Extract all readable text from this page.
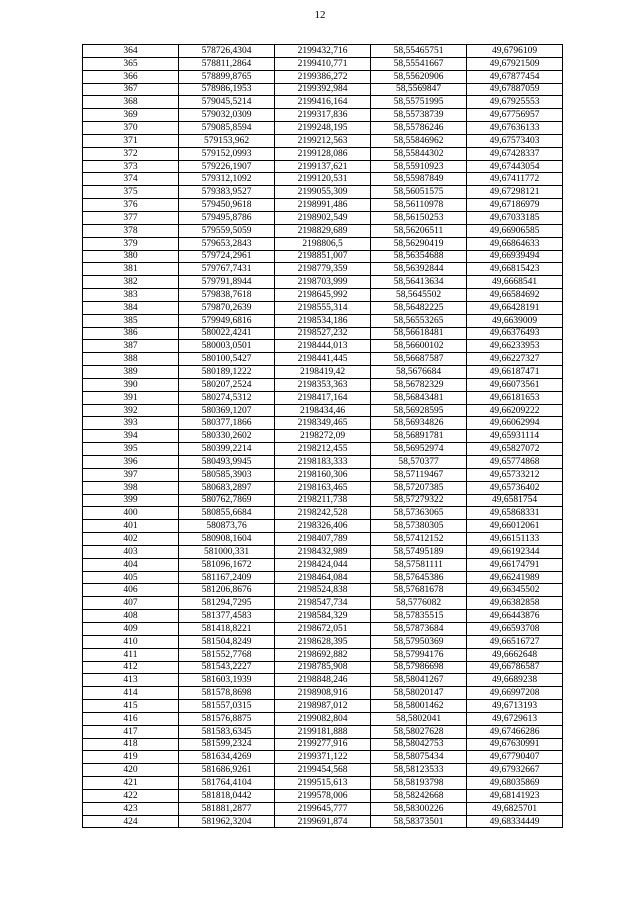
12
364	578726,4304	2199432,716	58,55465751	49,6796109
365	578811,2864	2199410,771	58,55541667	49,67921509
366	578899,8765	2199386,272	58,55620906	49,67877454
367	578986,1953	2199392,984	58,5569847	49,67887059
368	579045,5214	2199416,164	58,55751995	49,67925553
369	579032,0309	2199317,836	58,55738739	49,67756957
370	579085,8594	2199248,195	58,55786246	49,67636133
371	579153,962	2199212,563	58,55846962	49,67573403
372	579152,0993	2199128,086	58,55844302	49,67428337
373	579226,1907	2199137,621	58,55910923	49,67443054
374	579312,1092	2199120,531	58,55987849	49,67411772
375	579383,9527	2199055,309	58,56051575	49,67298121
376	579450,9618	2198991,486	58,56110978	49,67186979
377	579495,8786	2198902,549	58,56150253	49,67033185
378	579559,5059	2198829,689	58,56206511	49,66906585
379	579653,2843	2198806,5	58,56290419	49,66864633
380	579724,2961	2198851,007	58,56354688	49,66939494
381	579767,7431	2198779,359	58,56392844	49,66815423
382	579791,8944	2198703,999	58,56413634	49,6668541
383	579838,7618	2198645,992	58,5645502	49,66584692
384	579870,2639	2198555,314	58,56482225	49,66428191
385	579949,6816	2198534,186	58,56553265	49,6639009
386	580022,4241	2198527,232	58,56618481	49,66376493
387	580003,0501	2198444,013	58,56600102	49,66233953
388	580100,5427	2198441,445	58,56687587	49,66227327
389	580189,1222	2198419,42	58,5676684	49,66187471
390	580207,2524	2198353,363	58,56782329	49,66073561
391	580274,5312	2198417,164	58,56843481	49,66181653
392	580369,1207	2198434,46	58,56928595	49,66209222
393	580377,1866	2198349,465	58,56934826	49,66062994
394	580330,2602	2198272,09	58,56891781	49,65931114
395	580399,2214	2198212,455	58,56952974	49,65827072
396	580493,9945	2198183,333	58,570377	49,65774868
397	580585,3903	2198160,306	58,57119467	49,65733212
398	580683,2897	2198163,465	58,57207385	49,65736402
399	580762,7869	2198211,738	58,57279322	49,6581754
400	580855,6684	2198242,528	58,57363065	49,65868331
401	580873,76	2198326,406	58,57380305	49,66012061
402	580908,1604	2198407,789	58,57412152	49,66151133
403	581000,331	2198432,989	58,57495189	49,66192344
404	581096,1672	2198424,044	58,57581111	49,66174791
405	581167,2409	2198464,084	58,57645386	49,66241989
406	581206,8676	2198524,838	58,57681678	49,66345502
407	581294,7295	2198547,734	58,5776082	49,66382858
408	581377,4583	2198584,329	58,57835515	49,66443876
409	581418,8221	2198672,051	58,57873684	49,66593708
410	581504,8249	2198628,395	58,57950369	49,66516727
411	581552,7768	2198692,882	58,57994176	49,6662648
412	581543,2227	2198785,908	58,57986698	49,66786587
413	581603,1939	2198848,246	58,58041267	49,6689238
414	581578,8698	2198908,916	58,58020147	49,66997208
415	581557,0315	2198987,012	58,58001462	49,6713193
416	581576,8875	2199082,804	58,5802041	49,6729613
417	581583,6345	2199181,888	58,58027628	49,67466286
418	581599,2324	2199277,916	58,58042753	49,67630991
419	581634,4269	2199371,122	58,58075434	49,67790407
420	581686,9261	2199454,568	58,58123533	49,67932667
421	581764,4104	2199515,613	58,58193798	49,68035869
422	581818,0442	2199578,006	58,58242668	49,68141923
423	581881,2877	2199645,777	58,58300226	49,6825701
424	581962,3204	2199691,874	58,58373501	49,68334449
